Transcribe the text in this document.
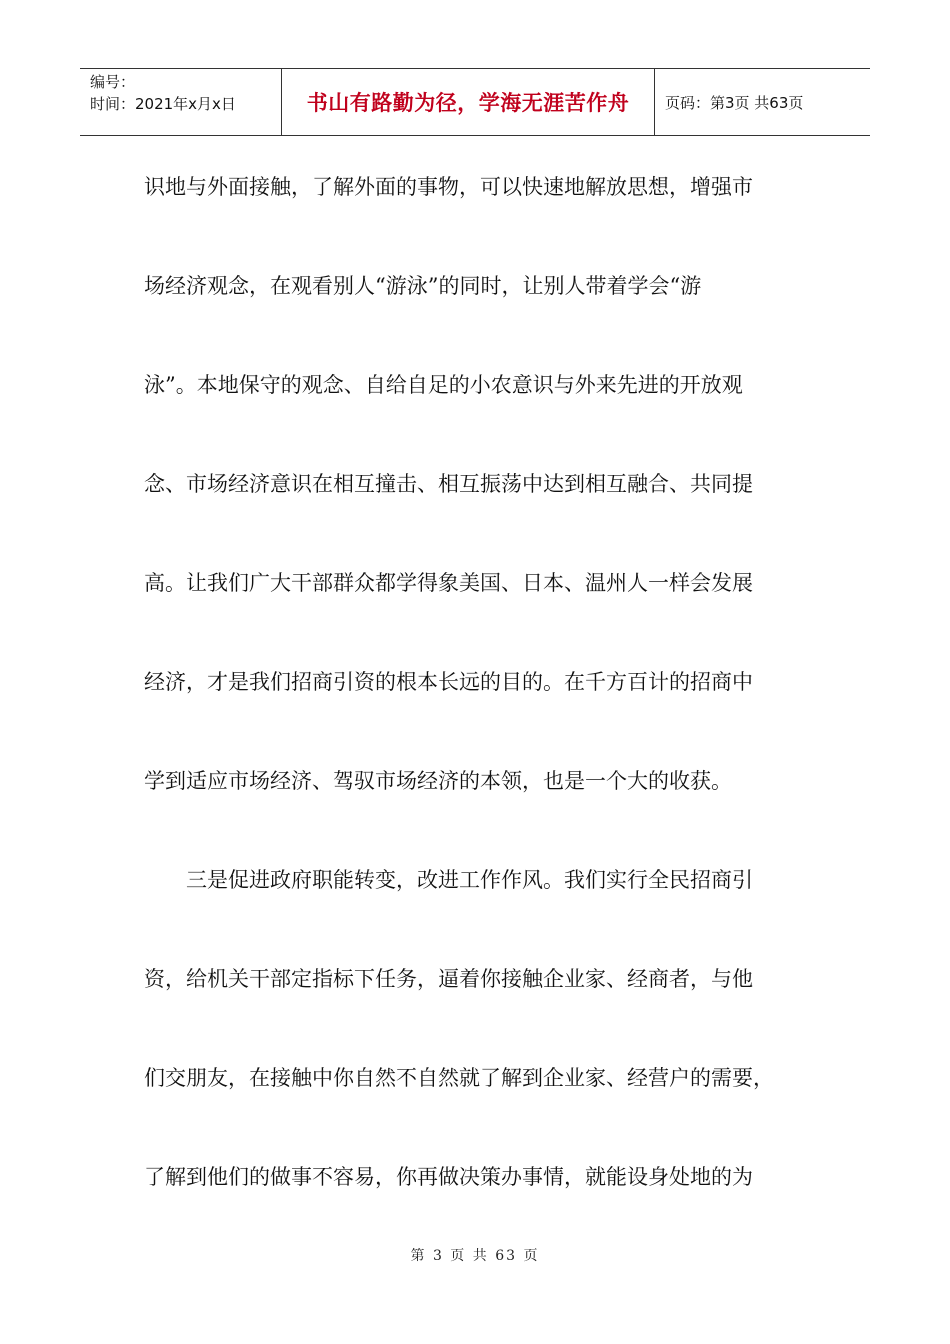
编号：
时间：2021年x月x日	书山有路勤为径，学海无涯苦作舟 页码：第3页 共63页
识地与外面接触，了解外面的事物，可以快速地解放思想，增强市
场经济观念，在观看别人“游泳”的同时，让别人带着学会“游
泳”。本地保守的观念、自给自足的小农意识与外来先进的开放观
念、市场经济意识在相互撞击、相互振荡中达到相互融合、共同提
高。让我们广大干部群众都学得象美国、日本、温州人一样会发展
经济，才是我们招商引资的根本长远的目的。在千方百计的招商中
学到适应市场经济、驾驭市场经济的本领，也是一个大的收获。
三是促进政府职能转变，改进工作作风。我们实行全民招商引
资，给机关干部定指标下任务，逼着你接触企业家、经商者，与他
们交朋友，在接触中你自然不自然就了解到企业家、经营户的需要，
了解到他们的做事不容易，你再做决策办事情，就能设身处地的为
第 3 页 共 63 页
